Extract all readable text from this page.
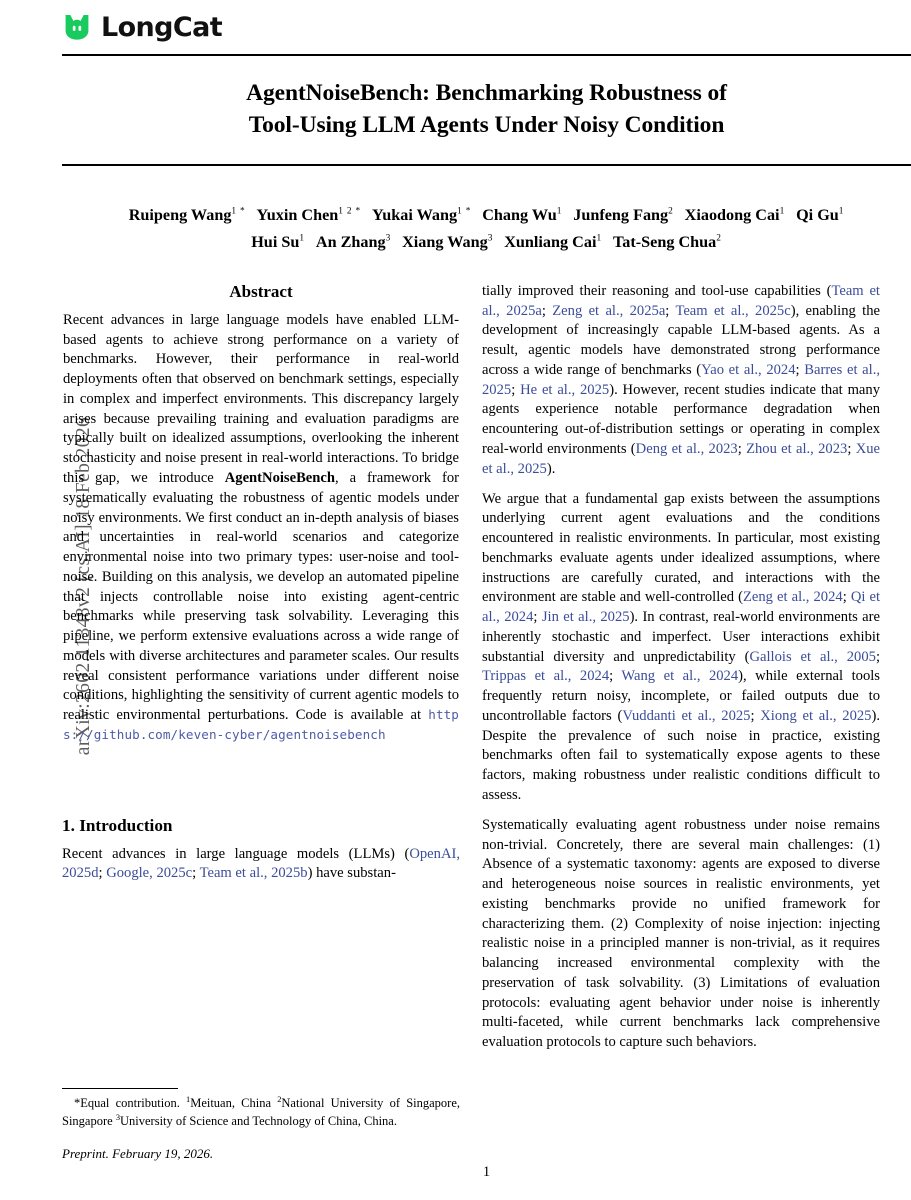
arXiv:2602.11348v2 [cs.AI] 18 Feb 2026
LongCat
AgentNoiseBench: Benchmarking Robustness of
Tool-Using LLM Agents Under Noisy Condition
Ruipeng Wang$^{1 *}$ Yuxin Chen$^{1 2 *}$ Yukai Wang$^{1 *}$ Chang Wu$^1$ Junfeng Fang$^2$ Xiaodong Cai$^1$ Qi Gu$^1$
Hui Su$^1$ An Zhang$^3$ Xiang Wang$^3$ Xunliang Cai$^1$ Tat-Seng Chua$^2$
Abstract

Recent advances in large language models have enabled LLM-based agents to achieve strong performance on a variety of benchmarks. However, their performance in real-world deployments often that observed on benchmark settings, especially in complex and imperfect environments. This discrepancy largely arises because prevailing training and evaluation paradigms are typically built on idealized assumptions, overlooking the inherent stochasticity and noise present in real-world interactions. To bridge this gap, we introduce AgentNoiseBench, a framework for systematically evaluating the robustness of agentic models under noisy environments. We first conduct an in-depth analysis of biases and uncertainties in real-world scenarios and categorize environmental noise into two primary types: user-noise and tool-noise. Building on this analysis, we develop an automated pipeline that injects controllable noise into existing agent-centric benchmarks while preserving task solvability. Leveraging this pipeline, we perform extensive evaluations across a wide range of models with diverse architectures and parameter scales. Our results reveal consistent performance variations under different noise conditions, highlighting the sensitivity of current agentic models to realistic environmental perturbations. Code is available at https://github.com/keven-cyber/agentnoisebench

1. Introduction

Recent advances in large language models (LLMs) (OpenAI, 2025d; Google, 2025c; Team et al., 2025b) have substan-

*Equal contribution. $^1$Meituan, China $^2$National University of Singapore, Singapore $^3$University of Science and Technology of China, China.
Preprint. February 19, 2026.

tially improved their reasoning and tool-use capabilities (Team et al., 2025a; Zeng et al., 2025a; Team et al., 2025c), enabling the development of increasingly capable LLM-based agents. As a result, agentic models have demonstrated strong performance across a wide range of benchmarks (Yao et al., 2024; Barres et al., 2025; He et al., 2025). However, recent studies indicate that many agents experience notable performance degradation when encountering out-of-distribution settings or operating in complex real-world environments (Deng et al., 2023; Zhou et al., 2023; Xue et al., 2025).

We argue that a fundamental gap exists between the assumptions underlying current agent evaluations and the conditions encountered in realistic environments. In particular, most existing benchmarks evaluate agents under idealized assumptions, where instructions are carefully curated, and interactions with the environment are stable and well-controlled (Zeng et al., 2024; Qi et al., 2024; Jin et al., 2025). In contrast, real-world environments are inherently stochastic and imperfect. User interactions exhibit substantial diversity and unpredictability (Gallois et al., 2005; Trippas et al., 2024; Wang et al., 2024), while external tools frequently return noisy, incomplete, or failed outputs due to uncontrollable factors (Vuddanti et al., 2025; Xiong et al., 2025). Despite the prevalence of such noise in practice, existing benchmarks often fail to systematically expose agents to these factors, making robustness under realistic conditions difficult to assess.

Systematically evaluating agent robustness under noise remains non-trivial. Concretely, there are several main challenges: (1) Absence of a systematic taxonomy: agents are exposed to diverse and heterogeneous noise sources in realistic environments, yet existing benchmarks provide no unified framework for characterizing them. (2) Complexity of noise injection: injecting realistic noise in a principled manner is non-trivial, as it requires balancing increased environmental complexity with the preservation of task solvability. (3) Limitations of evaluation protocols: evaluating agent behavior under noise is inherently multi-faceted, while current benchmarks lack comprehensive evaluation protocols to capture such behaviors.

1
